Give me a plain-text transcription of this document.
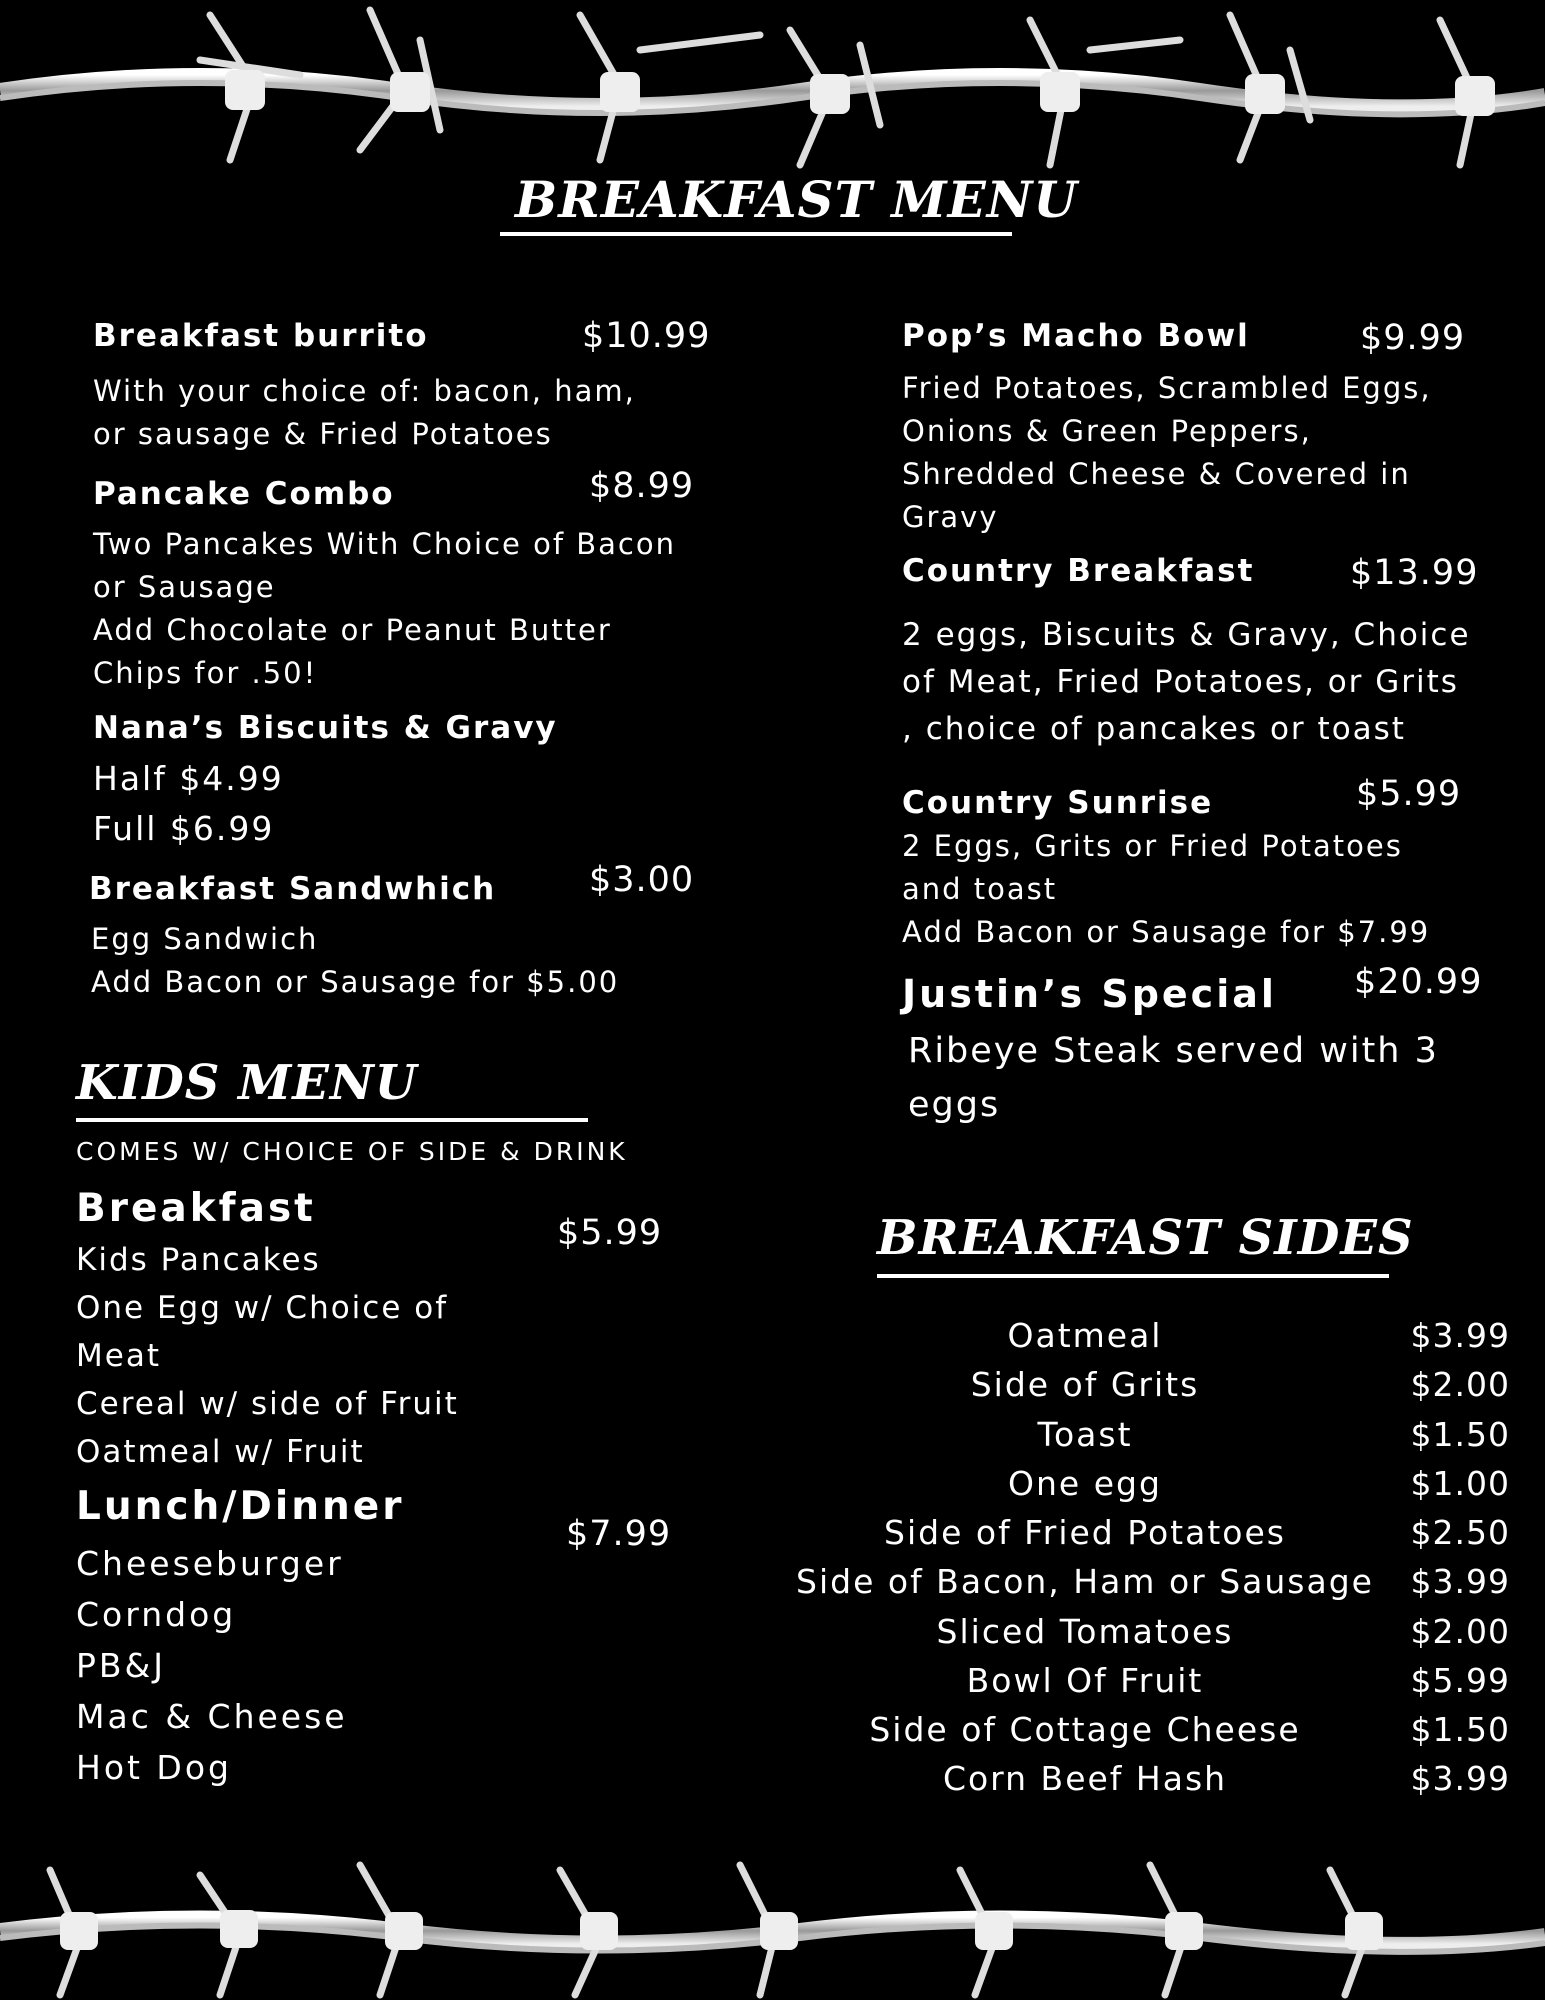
BREAKFAST MENU
Breakfast burrito	$10.99
With your choice of: bacon, ham,
or sausage & Fried Potatoes
Pancake Combo	$8.99
Two Pancakes With Choice of Bacon
or Sausage
Add Chocolate or Peanut Butter
Chips for .50!
Nana’s Biscuits & Gravy
Half $4.99
Full $6.99
Breakfast Sandwhich	$3.00
Egg Sandwich
Add Bacon or Sausage for $5.00
Pop’s Macho Bowl	$9.99
Fried Potatoes, Scrambled Eggs,
Onions & Green Peppers,
Shredded Cheese & Covered in
Gravy
Country Breakfast	$13.99
2 eggs, Biscuits & Gravy, Choice
of Meat, Fried Potatoes, or Grits
, choice of pancakes or toast
Country Sunrise	$5.99
2 Eggs, Grits or Fried Potatoes
and toast
Add Bacon or Sausage for $7.99
Justin’s Special $20.99
Ribeye Steak served with 3
eggs
KIDS MENU
COMES W/ CHOICE OF SIDE & DRINK
Breakfast
$5.99
Kids Pancakes
One Egg w/ Choice of
Meat
Cereal w/ side of Fruit
Oatmeal w/ Fruit
Lunch/Dinner
$7.99
Cheeseburger
Corndog
PB&J
Mac & Cheese
Hot Dog
BREAKFAST SIDES
Oatmeal	$3.99
Side of Grits	$2.00
Toast	$1.50
One egg	$1.00
Side of Fried Potatoes	$2.50
Side of Bacon, Ham or Sausage	$3.99
Sliced Tomatoes	$2.00
Bowl Of Fruit	$5.99
Side of Cottage Cheese	$1.50
Corn Beef Hash	$3.99
